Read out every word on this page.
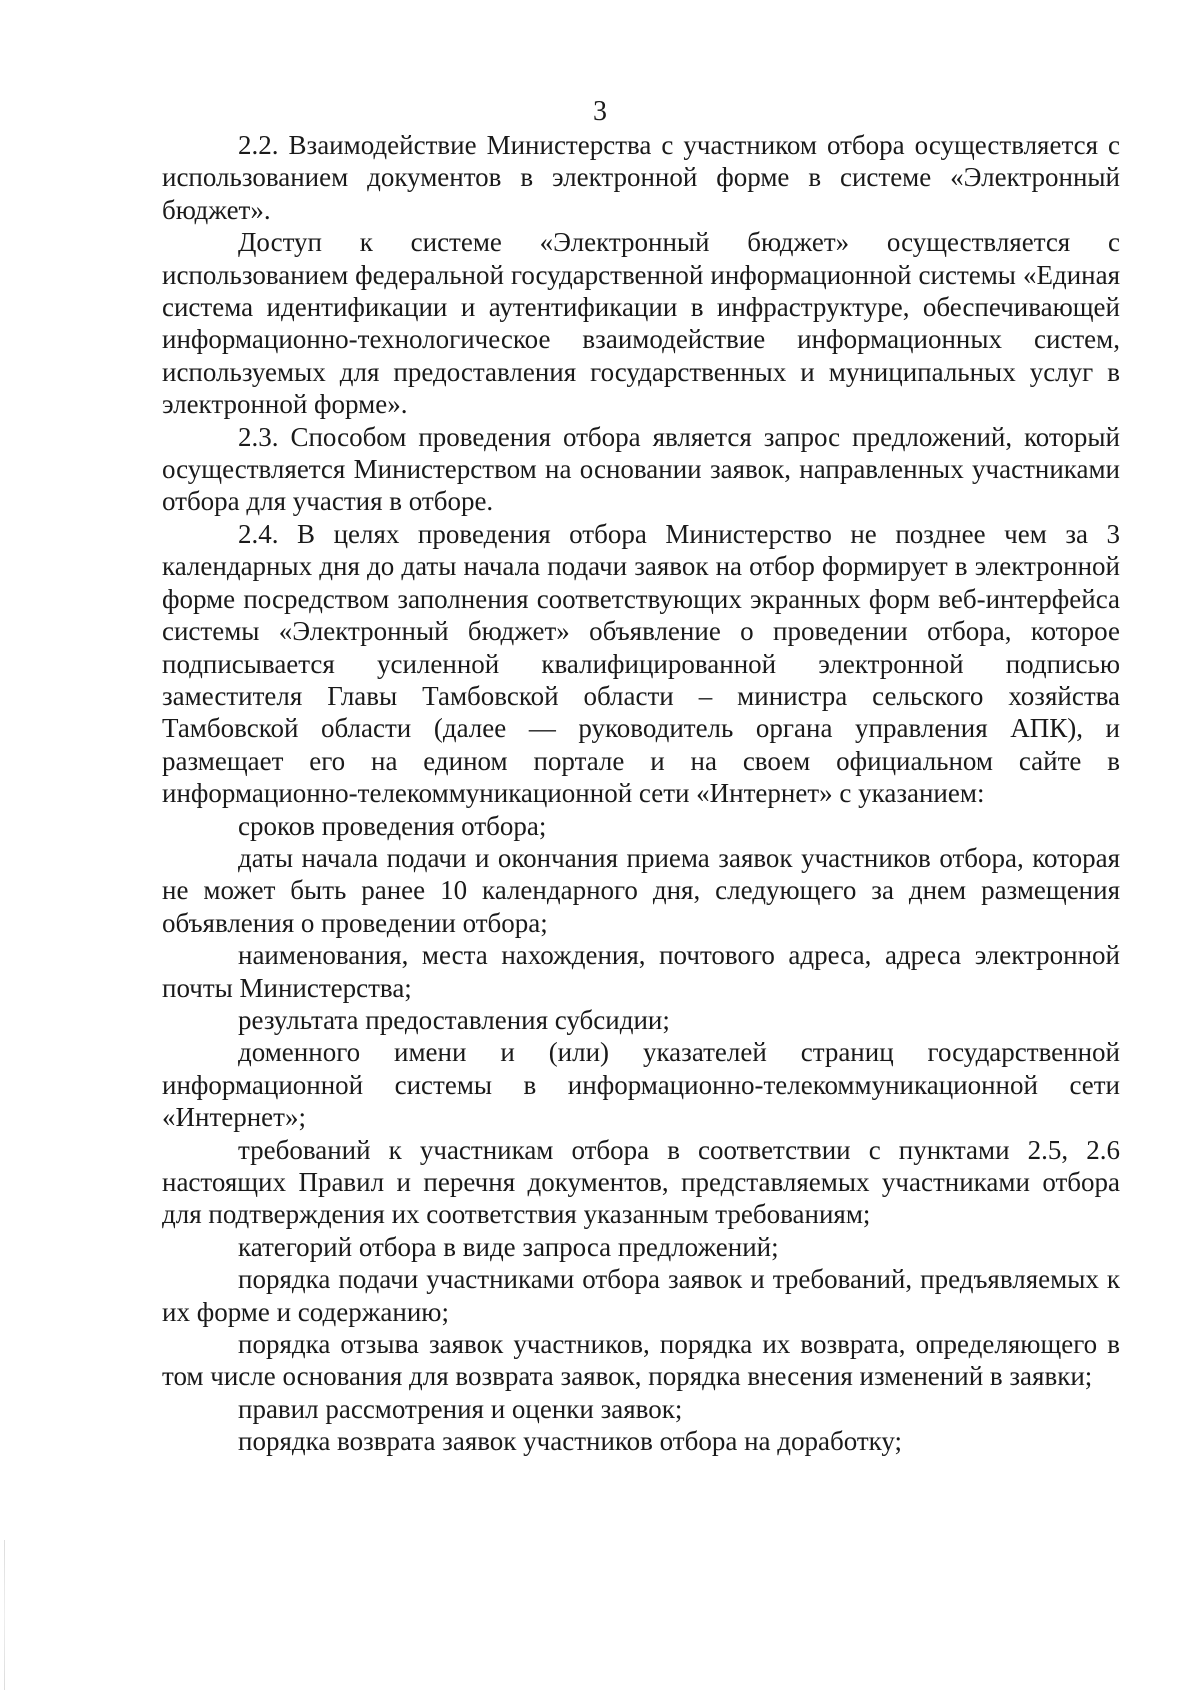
3

2.2. Взаимодействие Министерства с участником отбора осуществляется с использованием документов в электронной форме в системе «Электронный бюджет».

Доступ к системе «Электронный бюджет» осуществляется с использованием федеральной государственной информационной системы «Единая система идентификации и аутентификации в инфраструктуре, обеспечивающей информационно-технологическое взаимодействие информационных систем, используемых для предоставления государственных и муниципальных услуг в электронной форме».

2.3. Способом проведения отбора является запрос предложений, который осуществляется Министерством на основании заявок, направленных участниками отбора для участия в отборе.

2.4. В целях проведения отбора Министерство не позднее чем за 3 календарных дня до даты начала подачи заявок на отбор формирует в электронной форме посредством заполнения соответствующих экранных форм веб-интерфейса системы «Электронный бюджет» объявление о проведении отбора, которое подписывается усиленной квалифицированной электронной подписью заместителя Главы Тамбовской области – министра сельского хозяйства Тамбовской области (далее — руководитель органа управления АПК), и размещает его на едином портале и на своем официальном сайте в информационно-телекоммуникационной сети «Интернет» с указанием:

сроков проведения отбора;

даты начала подачи и окончания приема заявок участников отбора, которая не может быть ранее 10 календарного дня, следующего за днем размещения объявления о проведении отбора;

наименования, места нахождения, почтового адреса, адреса электронной почты Министерства;

результата предоставления субсидии;

доменного имени и (или) указателей страниц государственной информационной системы в информационно-телекоммуникационной сети «Интернет»;

требований к участникам отбора в соответствии с пунктами 2.5, 2.6 настоящих Правил и перечня документов, представляемых участниками отбора для подтверждения их соответствия указанным требованиям;

категорий отбора в виде запроса предложений;

порядка подачи участниками отбора заявок и требований, предъявляемых к их форме и содержанию;

порядка отзыва заявок участников, порядка их возврата, определяющего в том числе основания для возврата заявок, порядка внесения изменений в заявки;

правил рассмотрения и оценки заявок;

порядка возврата заявок участников отбора на доработку;
